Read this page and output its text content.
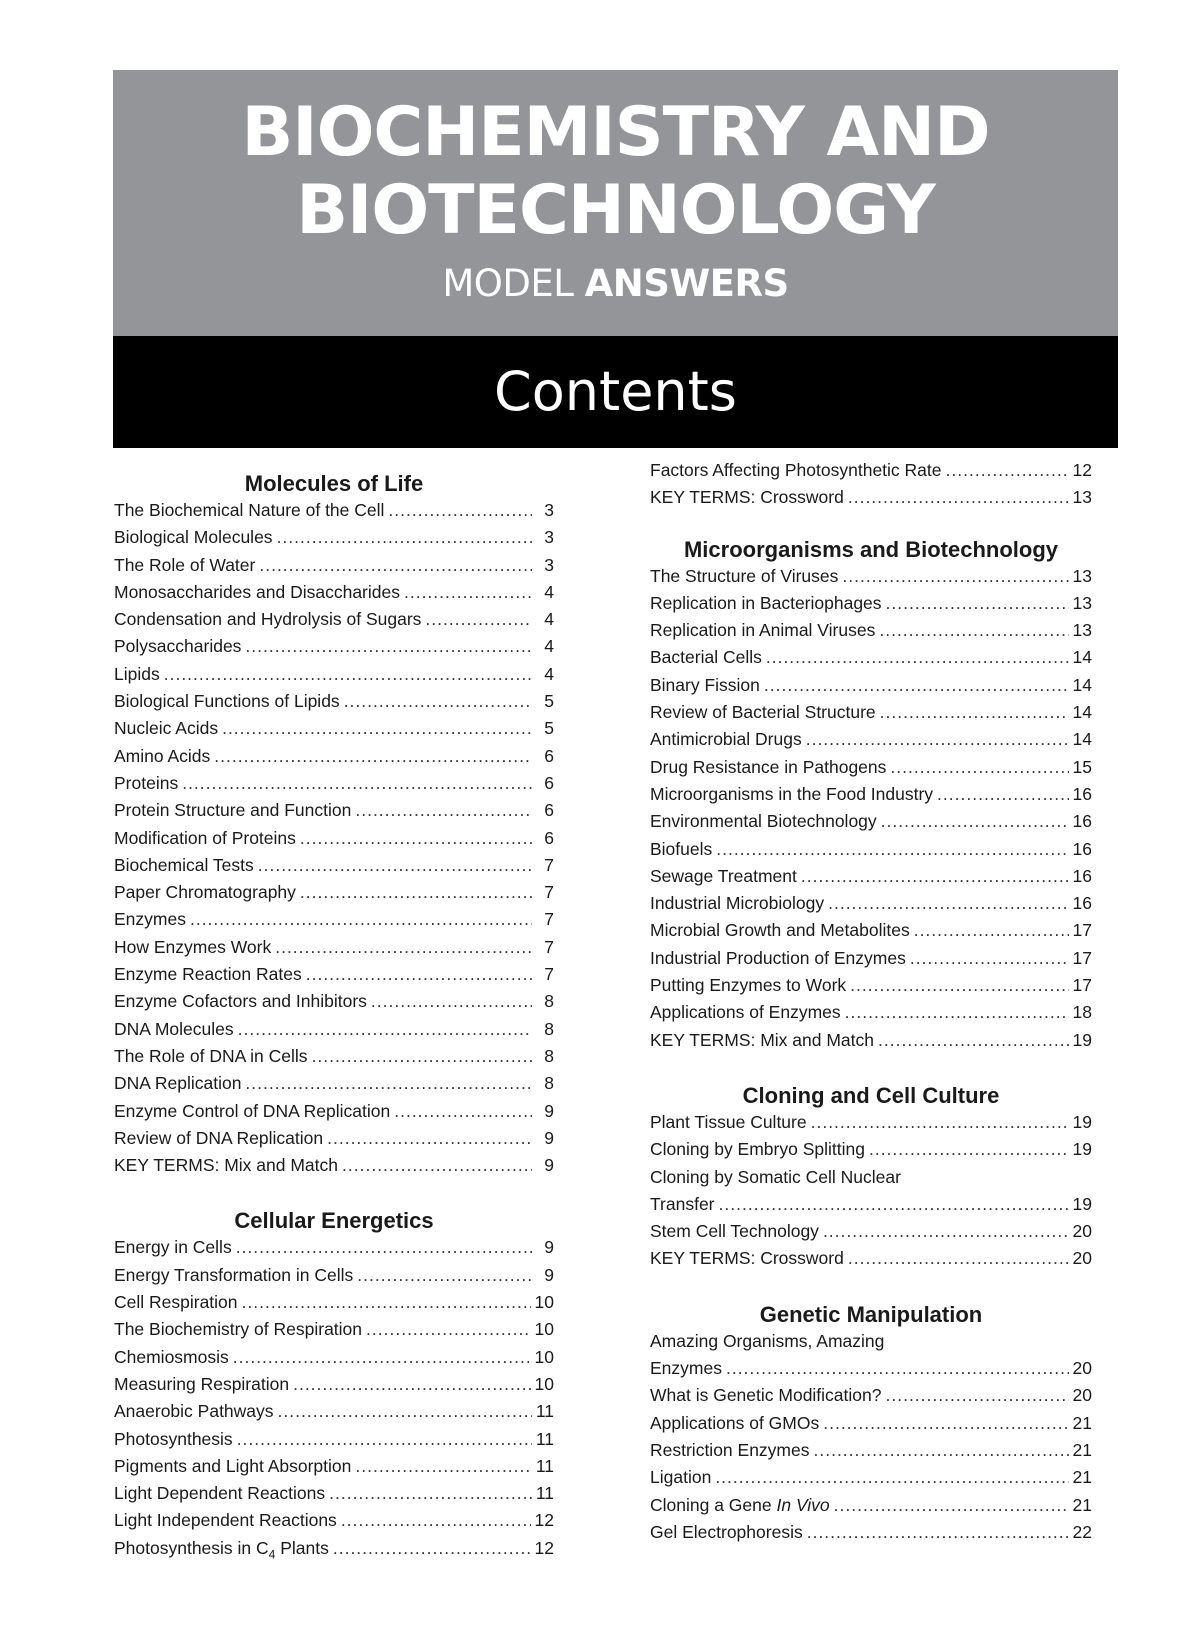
BIOCHEMISTRY AND
BIOTECHNOLOGY
MODEL ANSWERS
Contents
Molecules of Life
The Biochemical Nature of the Cell .....	3
Biological Molecules .....	3
The Role of Water .....	3
Monosaccharides and Disaccharides .....	4
Condensation and Hydrolysis of Sugars .....	4
Polysaccharides .....	4
Lipids .....	4
Biological Functions of Lipids .....	5
Nucleic Acids .....	5
Amino Acids .....	6
Proteins .....	6
Protein Structure and Function .....	6
Modification of Proteins .....	6
Biochemical Tests .....	7
Paper Chromatography .....	7
Enzymes .....	7
How Enzymes Work .....	7
Enzyme Reaction Rates .....	7
Enzyme Cofactors and Inhibitors .....	8
DNA Molecules .....	8
The Role of DNA in Cells .....	8
DNA Replication .....	8
Enzyme Control of DNA Replication .....	9
Review of DNA Replication .....	9
KEY TERMS: Mix and Match .....	9
Cellular Energetics
Energy in Cells .....	9
Energy Transformation in Cells .....	9
Cell Respiration .....	10
The Biochemistry of Respiration .....	10
Chemiosmosis .....	10
Measuring Respiration .....	10
Anaerobic Pathways .....	11
Photosynthesis .....	11
Pigments and Light Absorption .....	11
Light Dependent Reactions .....	11
Light Independent Reactions .....	12
Photosynthesis in $C_4$ Plants .....	12
Factors Affecting Photosynthetic Rate .....	12
KEY TERMS: Crossword .....	13
Microorganisms and Biotechnology
The Structure of Viruses .....	13
Replication in Bacteriophages .....	13
Replication in Animal Viruses .....	13
Bacterial Cells .....	14
Binary Fission .....	14
Review of Bacterial Structure .....	14
Antimicrobial Drugs .....	14
Drug Resistance in Pathogens .....	15
Microorganisms in the Food Industry .....	16
Environmental Biotechnology .....	16
Biofuels .....	16
Sewage Treatment .....	16
Industrial Microbiology .....	16
Microbial Growth and Metabolites .....	17
Industrial Production of Enzymes .....	17
Putting Enzymes to Work .....	17
Applications of Enzymes .....	18
KEY TERMS: Mix and Match .....	19
Cloning and Cell Culture
Plant Tissue Culture .....	19
Cloning by Embryo Splitting .....	19
Cloning by Somatic Cell Nuclear
Transfer .....	19
Stem Cell Technology .....	20
KEY TERMS: Crossword .....	20
Genetic Manipulation
Amazing Organisms, Amazing
Enzymes .....	20
What is Genetic Modification? .....	20
Applications of GMOs .....	21
Restriction Enzymes .....	21
Ligation .....	21
Cloning a Gene In Vivo .....	21
Gel Electrophoresis .....	22
